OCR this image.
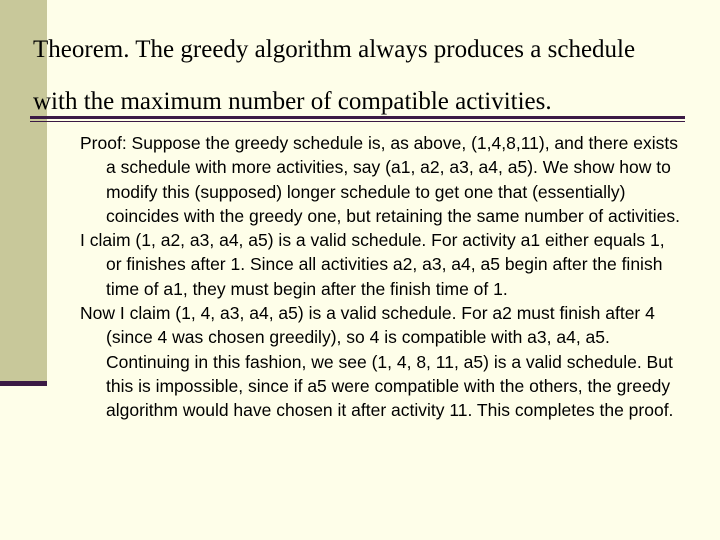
Theorem. The greedy algorithm always produces a schedule
with the maximum number of compatible activities.

Proof: Suppose the greedy schedule is, as above, (1,4,8,11), and there exists a schedule with more activities, say (a1, a2, a3, a4, a5). We show how to modify this (supposed) longer schedule to get one that (essentially) coincides with the greedy one, but retaining the same number of activities.

I claim (1, a2, a3, a4, a5) is a valid schedule. For activity a1 either equals 1, or finishes after 1. Since all activities a2, a3, a4, a5 begin after the finish time of a1, they must begin after the finish time of 1.

Now I claim (1, 4, a3, a4, a5) is a valid schedule. For a2 must finish after 4 (since 4 was chosen greedily), so 4 is compatible with a3, a4, a5. Continuing in this fashion, we see (1, 4, 8, 11, a5) is a valid schedule. But this is impossible, since if a5 were compatible with the others, the greedy algorithm would have chosen it after activity 11. This completes the proof.
